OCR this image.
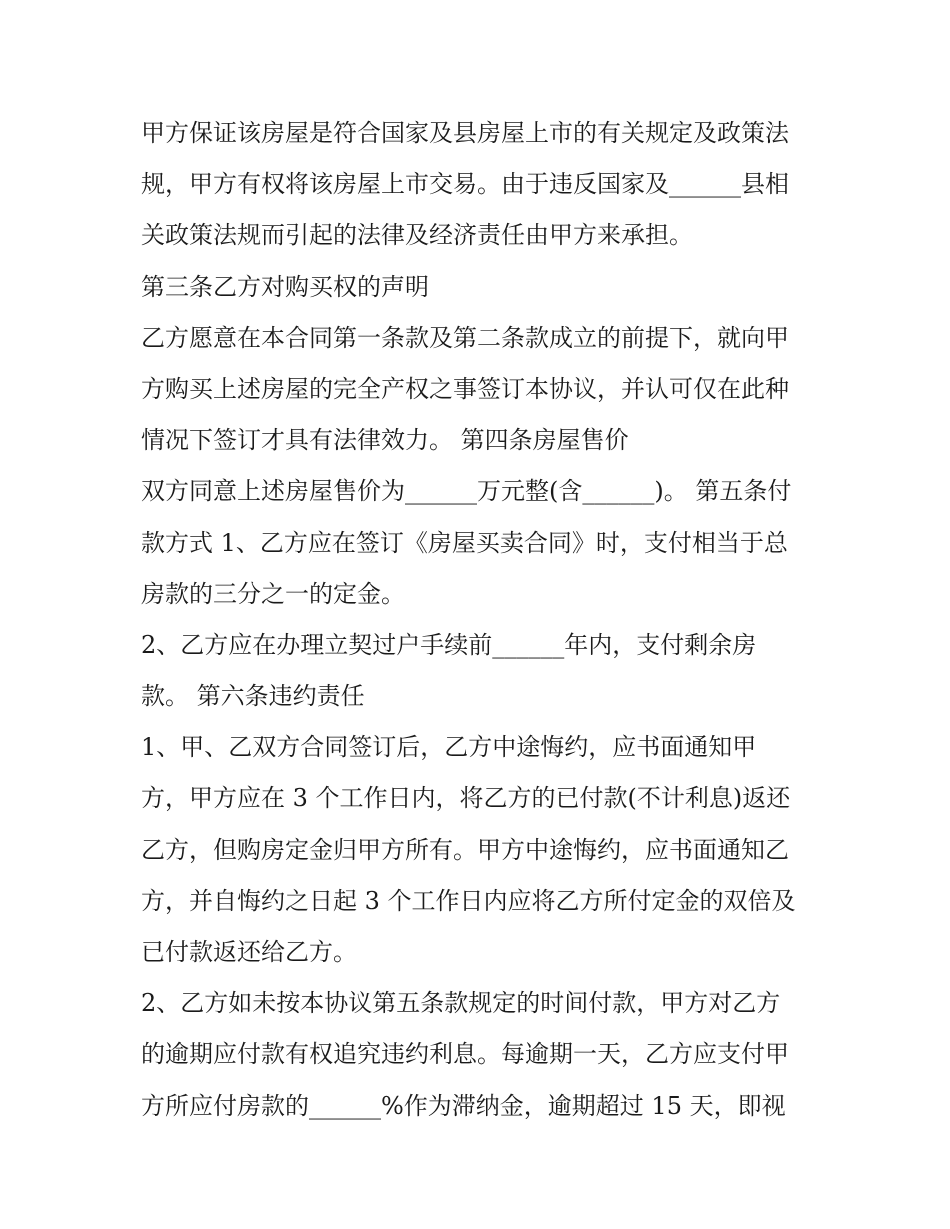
甲方保证该房屋是符合国家及县房屋上市的有关规定及政策法
规，甲方有权将该房屋上市交易。由于违反国家及______县相
关政策法规而引起的法律及经济责任由甲方来承担。
第三条乙方对购买权的声明
乙方愿意在本合同第一条款及第二条款成立的前提下，就向甲
方购买上述房屋的完全产权之事签订本协议，并认可仅在此种
情况下签订才具有法律效力。 第四条房屋售价
双方同意上述房屋售价为______万元整(含______)。 第五条付
款方式 1、乙方应在签订《房屋买卖合同》时，支付相当于总
房款的三分之一的定金。
2、乙方应在办理立契过户手续前______年内，支付剩余房
款。 第六条违约责任
1、甲、乙双方合同签订后，乙方中途悔约，应书面通知甲
方，甲方应在 3 个工作日内，将乙方的已付款(不计利息)返还
乙方，但购房定金归甲方所有。甲方中途悔约，应书面通知乙
方，并自悔约之日起 3 个工作日内应将乙方所付定金的双倍及
已付款返还给乙方。
2、乙方如未按本协议第五条款规定的时间付款，甲方对乙方
的逾期应付款有权追究违约利息。每逾期一天，乙方应支付甲
方所应付房款的______%作为滞纳金，逾期超过 15 天，即视
